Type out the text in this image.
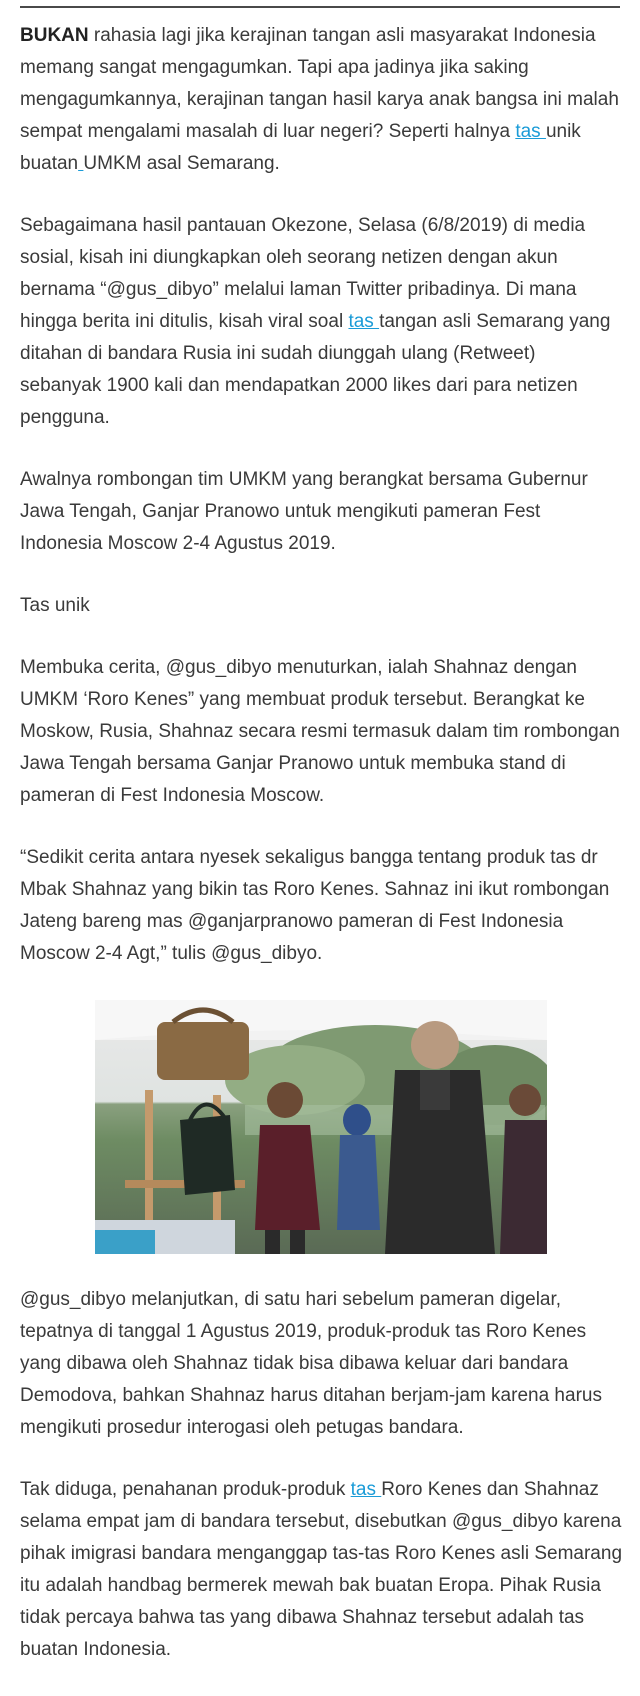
BUKAN rahasia lagi jika kerajinan tangan asli masyarakat Indonesia memang sangat mengagumkan. Tapi apa jadinya jika saking mengagumkannya, kerajinan tangan hasil karya anak bangsa ini malah sempat mengalami masalah di luar negeri? Seperti halnya tas unik buatan UMKM asal Semarang.

Sebagaimana hasil pantauan Okezone, Selasa (6/8/2019) di media sosial, kisah ini diungkapkan oleh seorang netizen dengan akun bernama “@gus_dibyo” melalui laman Twitter pribadinya. Di mana hingga berita ini ditulis, kisah viral soal tas tangan asli Semarang yang ditahan di bandara Rusia ini sudah diunggah ulang (Retweet) sebanyak 1900 kali dan mendapatkan 2000 likes dari para netizen pengguna.

Awalnya rombongan tim UMKM yang berangkat bersama Gubernur Jawa Tengah, Ganjar Pranowo untuk mengikuti pameran Fest Indonesia Moscow 2-4 Agustus 2019.

Tas unik

Membuka cerita, @gus_dibyo menuturkan, ialah Shahnaz dengan UMKM ‘Roro Kenes” yang membuat produk tersebut. Berangkat ke Moskow, Rusia, Shahnaz secara resmi termasuk dalam tim rombongan Jawa Tengah bersama Ganjar Pranowo untuk membuka stand di pameran di Fest Indonesia Moscow.

“Sedikit cerita antara nyesek sekaligus bangga tentang produk tas dr Mbak Shahnaz yang bikin tas Roro Kenes. Sahnaz ini ikut rombongan Jateng bareng mas @ganjarpranowo pameran di Fest Indonesia Moscow 2-4 Agt,” tulis @gus_dibyo.

@gus_dibyo melanjutkan, di satu hari sebelum pameran digelar, tepatnya di tanggal 1 Agustus 2019, produk-produk tas Roro Kenes yang dibawa oleh Shahnaz tidak bisa dibawa keluar dari bandara Demodova, bahkan Shahnaz harus ditahan berjam-jam karena harus mengikuti prosedur interogasi oleh petugas bandara.

Tak diduga, penahanan produk-produk tas Roro Kenes dan Shahnaz selama empat jam di bandara tersebut, disebutkan @gus_dibyo karena pihak imigrasi bandara menganggap tas-tas Roro Kenes asli Semarang itu adalah handbag bermerek mewah bak buatan Eropa. Pihak Rusia tidak percaya bahwa tas yang dibawa Shahnaz tersebut adalah tas buatan Indonesia.
